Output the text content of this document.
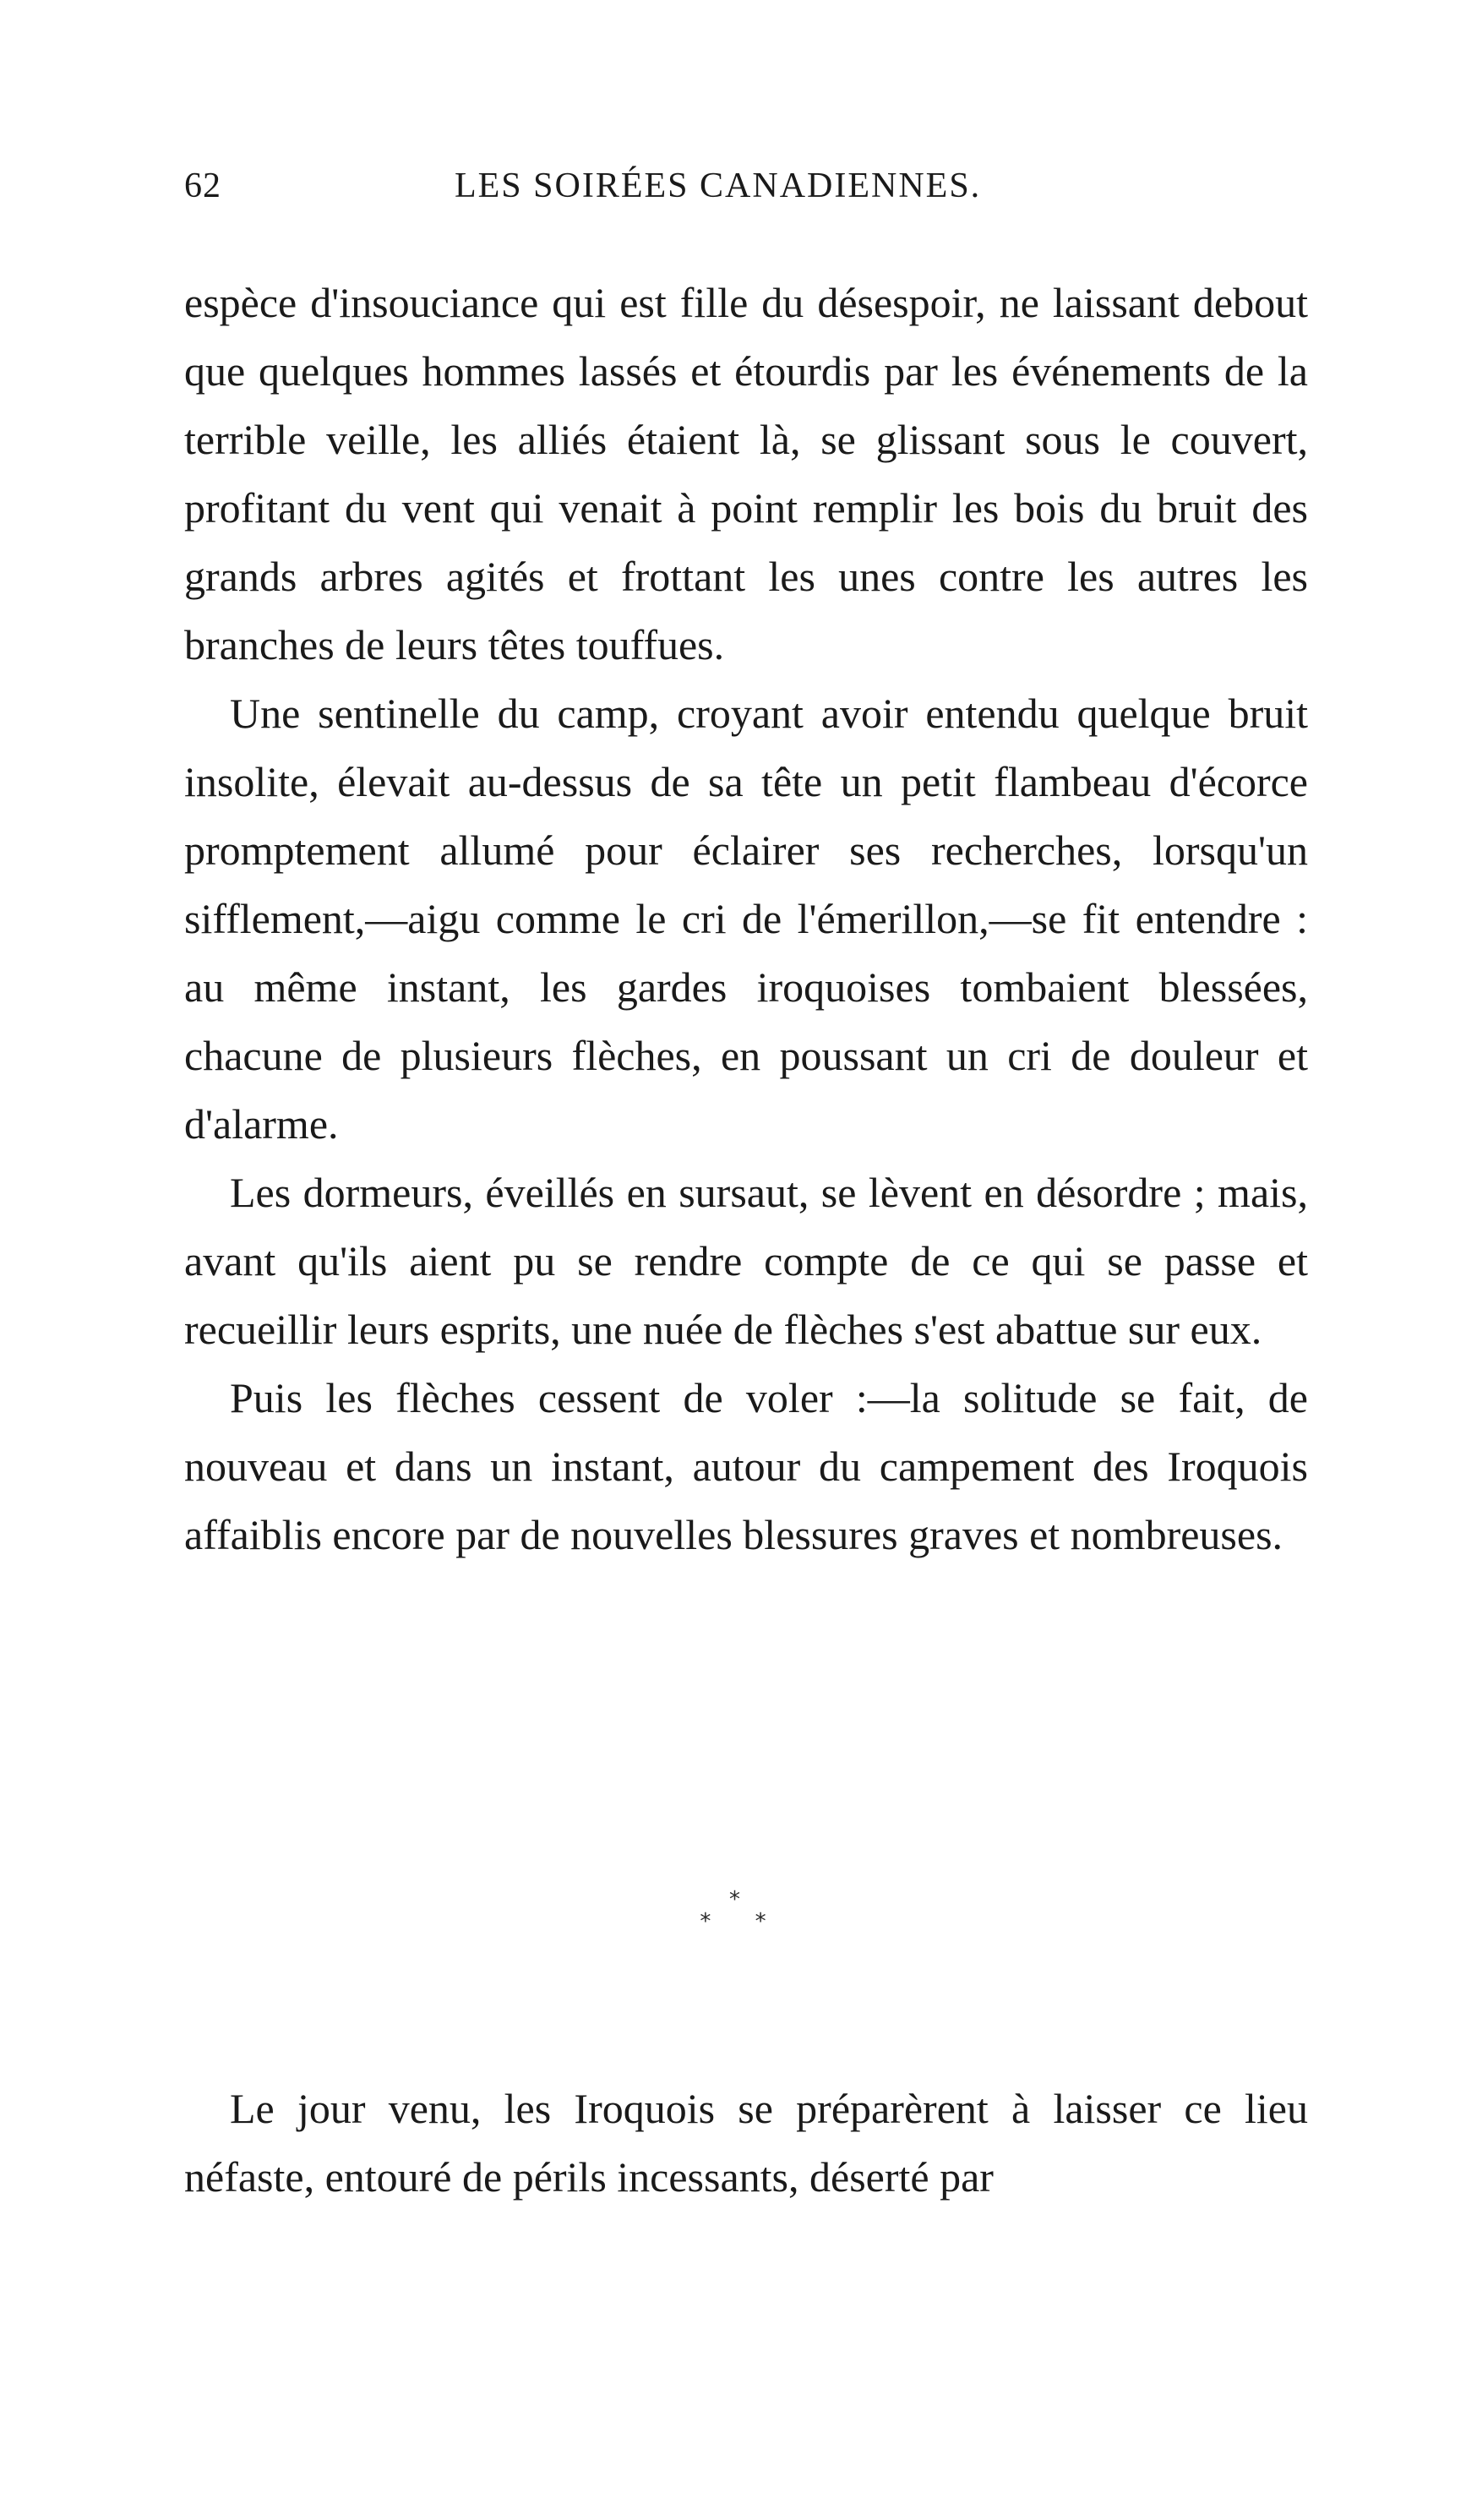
62	LES SOIRÉES CANADIENNES.

espèce d'insouciance qui est fille du désespoir, ne laissant debout que quelques hommes lassés et étourdis par les événements de la terrible veille, les alliés étaient là, se glissant sous le couvert, profitant du vent qui venait à point remplir les bois du bruit des grands arbres agités et frottant les unes contre les autres les branches de leurs têtes touffues.

Une sentinelle du camp, croyant avoir entendu quelque bruit insolite, élevait au-dessus de sa tête un petit flambeau d'écorce promptement allumé pour éclairer ses recherches, lorsqu'un sifflement,—aigu comme le cri de l'émerillon,—se fit entendre : au même instant, les gardes iroquoises tombaient blessées, chacune de plusieurs flèches, en poussant un cri de douleur et d'alarme.

Les dormeurs, éveillés en sursaut, se lèvent en désordre ; mais, avant qu'ils aient pu se rendre compte de ce qui se passe et recueillir leurs esprits, une nuée de flèches s'est abattue sur eux.

Puis les flèches cessent de voler :—la solitude se fait, de nouveau et dans un instant, autour du campement des Iroquois affaiblis encore par de nouvelles blessures graves et nombreuses.

*
* *

Le jour venu, les Iroquois se préparèrent à laisser ce lieu néfaste, entouré de périls incessants, déserté par
